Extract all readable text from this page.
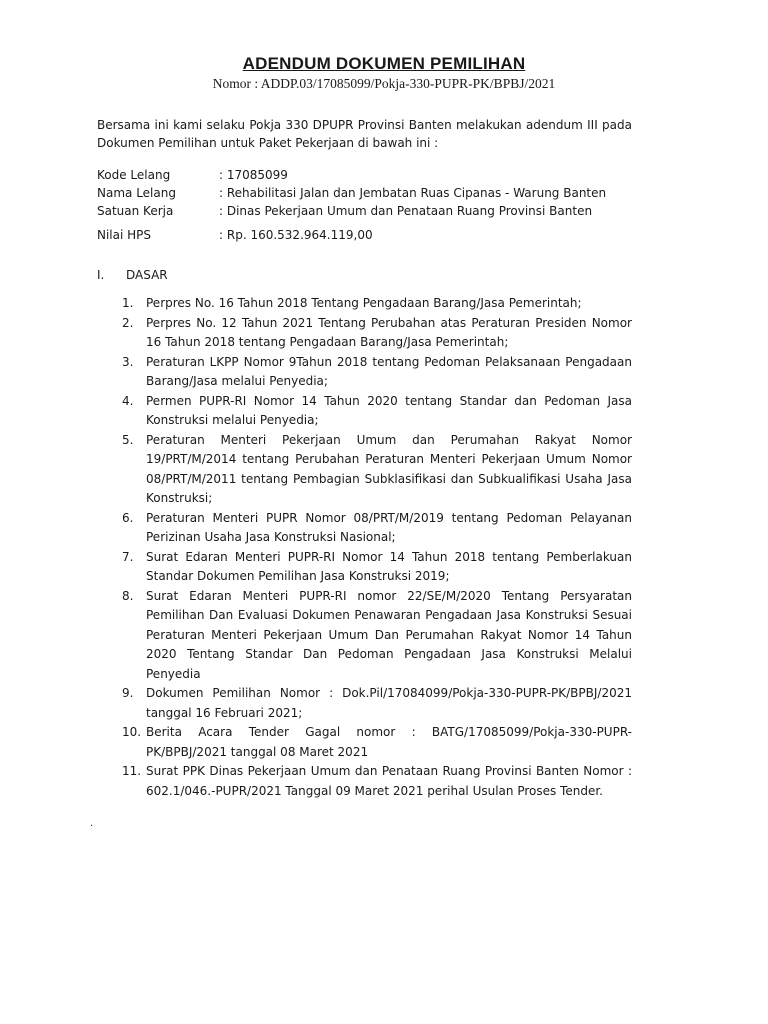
ADENDUM DOKUMEN PEMILIHAN
Nomor : ADDP.03/17085099/Pokja-330-PUPR-PK/BPBJ/2021
Bersama ini kami selaku Pokja 330 DPUPR Provinsi Banten melakukan adendum III pada Dokumen Pemilihan untuk Paket Pekerjaan di bawah ini :
Kode Lelang	: 17085099
Nama Lelang	: Rehabilitasi Jalan dan Jembatan Ruas Cipanas - Warung Banten
Satuan Kerja	: Dinas Pekerjaan Umum dan Penataan Ruang Provinsi Banten
Nilai HPS	: Rp. 160.532.964.119,00
I. DASAR
1.	Perpres No. 16 Tahun 2018 Tentang Pengadaan Barang/Jasa Pemerintah;
2.	Perpres No. 12 Tahun 2021 Tentang Perubahan atas Peraturan Presiden Nomor 16 Tahun 2018 tentang Pengadaan Barang/Jasa Pemerintah;
3.	Peraturan LKPP Nomor 9Tahun 2018 tentang Pedoman Pelaksanaan Pengadaan Barang/Jasa melalui Penyedia;
4.	Permen PUPR-RI Nomor 14 Tahun 2020 tentang Standar dan Pedoman Jasa Konstruksi melalui Penyedia;
5.	Peraturan Menteri Pekerjaan Umum dan Perumahan Rakyat Nomor 19/PRT/M/2014 tentang Perubahan Peraturan Menteri Pekerjaan Umum Nomor 08/PRT/M/2011 tentang Pembagian Subklasifikasi dan Subkualifikasi Usaha Jasa Konstruksi;
6.	Peraturan Menteri PUPR Nomor 08/PRT/M/2019 tentang Pedoman Pelayanan Perizinan Usaha Jasa Konstruksi Nasional;
7.	Surat Edaran Menteri PUPR-RI Nomor 14 Tahun 2018 tentang Pemberlakuan Standar Dokumen Pemilihan Jasa Konstruksi 2019;
8.	Surat Edaran Menteri PUPR-RI nomor 22/SE/M/2020 Tentang Persyaratan Pemilihan Dan Evaluasi Dokumen Penawaran Pengadaan Jasa Konstruksi Sesuai Peraturan Menteri Pekerjaan Umum Dan Perumahan Rakyat Nomor 14 Tahun 2020 Tentang Standar Dan Pedoman Pengadaan Jasa Konstruksi Melalui Penyedia
9.	Dokumen Pemilihan Nomor : Dok.Pil/17084099/Pokja-330-PUPR-PK/BPBJ/2021 tanggal 16 Februari 2021;
10. Berita Acara Tender Gagal nomor : BATG/17085099/Pokja-330-PUPR-PK/BPBJ/2021 tanggal 08 Maret 2021
11. Surat PPK Dinas Pekerjaan Umum dan Penataan Ruang Provinsi Banten Nomor : 602.1/046.-PUPR/2021 Tanggal 09 Maret 2021 perihal Usulan Proses Tender.
.
